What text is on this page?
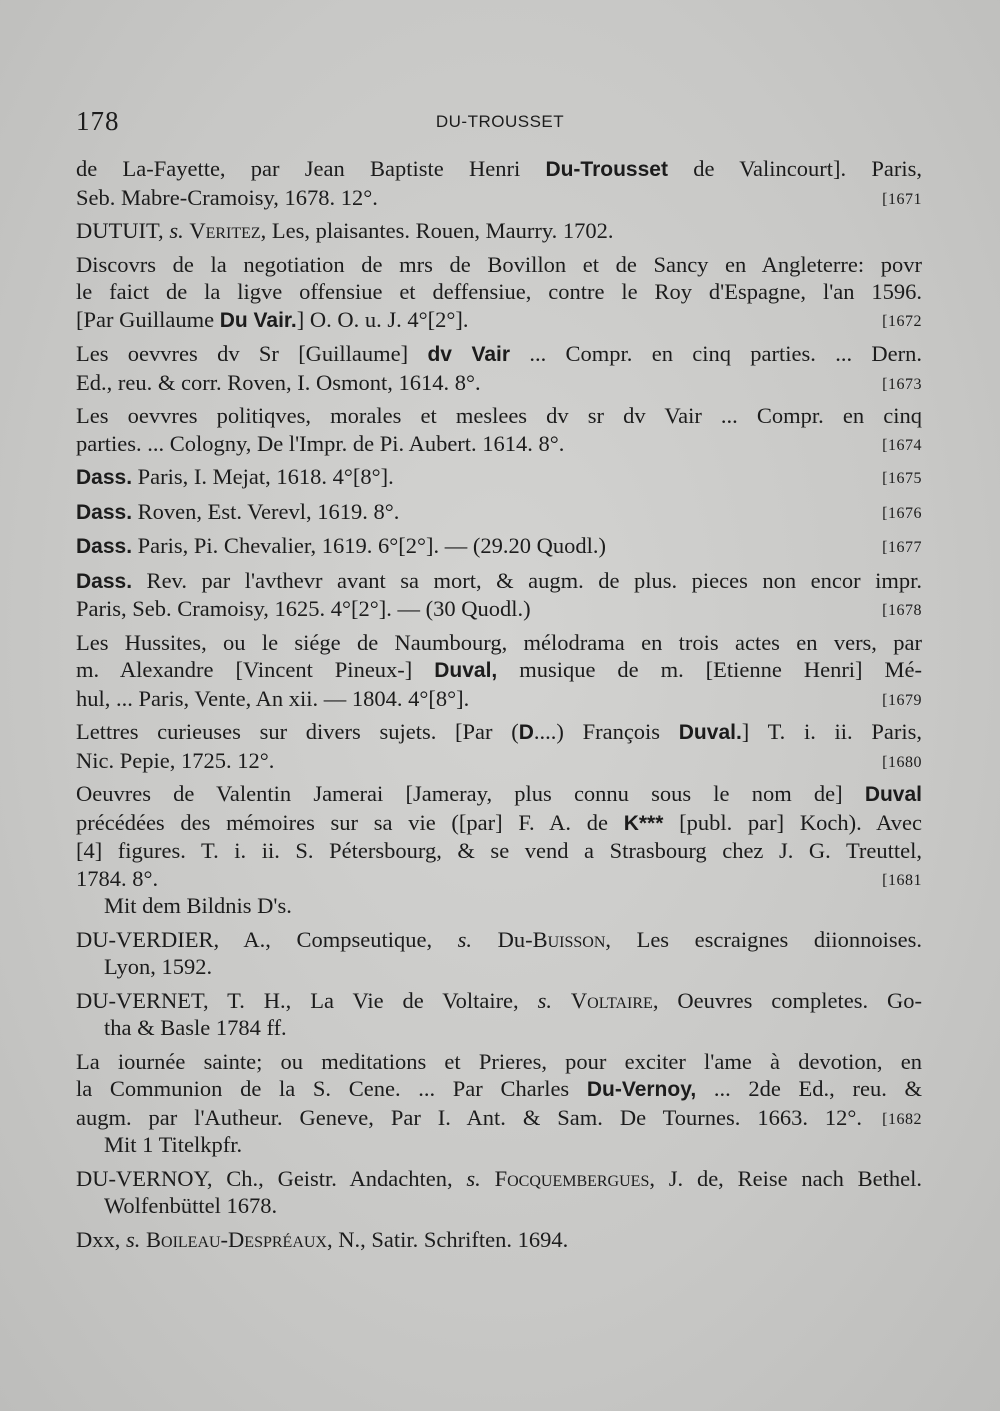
178	DU-TROUSSET
de La-Fayette, par Jean Baptiste Henri Du-Trousset de Valincourt]. Paris,
Seb. Mabre-Cramoisy, 1678. 12°.	[1671
DUTUIT, s. Veritez, Les, plaisantes. Rouen, Maurry. 1702.
Discovrs de la negotiation de mrs de Bovillon et de Sancy en Angleterre: povr
le faict de la ligve offensiue et deffensiue, contre le Roy d'Espagne, l'an 1596.
[Par Guillaume Du Vair.] O. O. u. J. 4°[2°].	[1672
Les oevvres dv Sr [Guillaume] dv Vair ... Compr. en cinq parties. ... Dern.
Ed., reu. & corr. Roven, I. Osmont, 1614. 8°.	[1673
Les oevvres politiqves, morales et meslees dv sr dv Vair ... Compr. en cinq
parties. ... Cologny, De l'Impr. de Pi. Aubert. 1614. 8°.	[1674
Dass. Paris, I. Mejat, 1618. 4°[8°].	[1675
Dass. Roven, Est. Verevl, 1619. 8°.	[1676
Dass. Paris, Pi. Chevalier, 1619. 6°[2°]. — (29.20 Quodl.)	[1677
Dass. Rev. par l'avthevr avant sa mort, & augm. de plus. pieces non encor impr.
Paris, Seb. Cramoisy, 1625. 4°[2°]. — (30 Quodl.)	[1678
Les Hussites, ou le siége de Naumbourg, mélodrama en trois actes en vers, par
m. Alexandre [Vincent Pineux-] Duval, musique de m. [Etienne Henri] Mé-
hul, ... Paris, Vente, An xii. — 1804. 4°[8°].	[1679
Lettres curieuses sur divers sujets. [Par (D....) François Duval.] T. i. ii. Paris,
Nic. Pepie, 1725. 12°.	[1680
Oeuvres de Valentin Jamerai [Jameray, plus connu sous le nom de] Duval
précédées des mémoires sur sa vie ([par] F. A. de K*** [publ. par] Koch). Avec
[4] figures. T. i. ii. S. Pétersbourg, & se vend a Strasbourg chez J. G. Treuttel,
1784. 8°.	[1681
Mit dem Bildnis D's.
DU-VERDIER, A., Compseutique, s. Du-Buisson, Les escraignes diionnoises.
Lyon, 1592.
DU-VERNET, T. H., La Vie de Voltaire, s. Voltaire, Oeuvres completes. Go-
tha & Basle 1784 ff.
La iournée sainte; ou meditations et Prieres, pour exciter l'ame à devotion, en
la Communion de la S. Cene. ... Par Charles Du-Vernoy, ... 2de Ed., reu. &
augm. par l'Autheur. Geneve, Par I. Ant. & Sam. De Tournes. 1663. 12°. [1682
Mit 1 Titelkpfr.
DU-VERNOY, Ch., Geistr. Andachten, s. Focquembergues, J. de, Reise nach Bethel.
Wolfenbüttel 1678.
Dxx, s. Boileau-Despréaux, N., Satir. Schriften. 1694.
